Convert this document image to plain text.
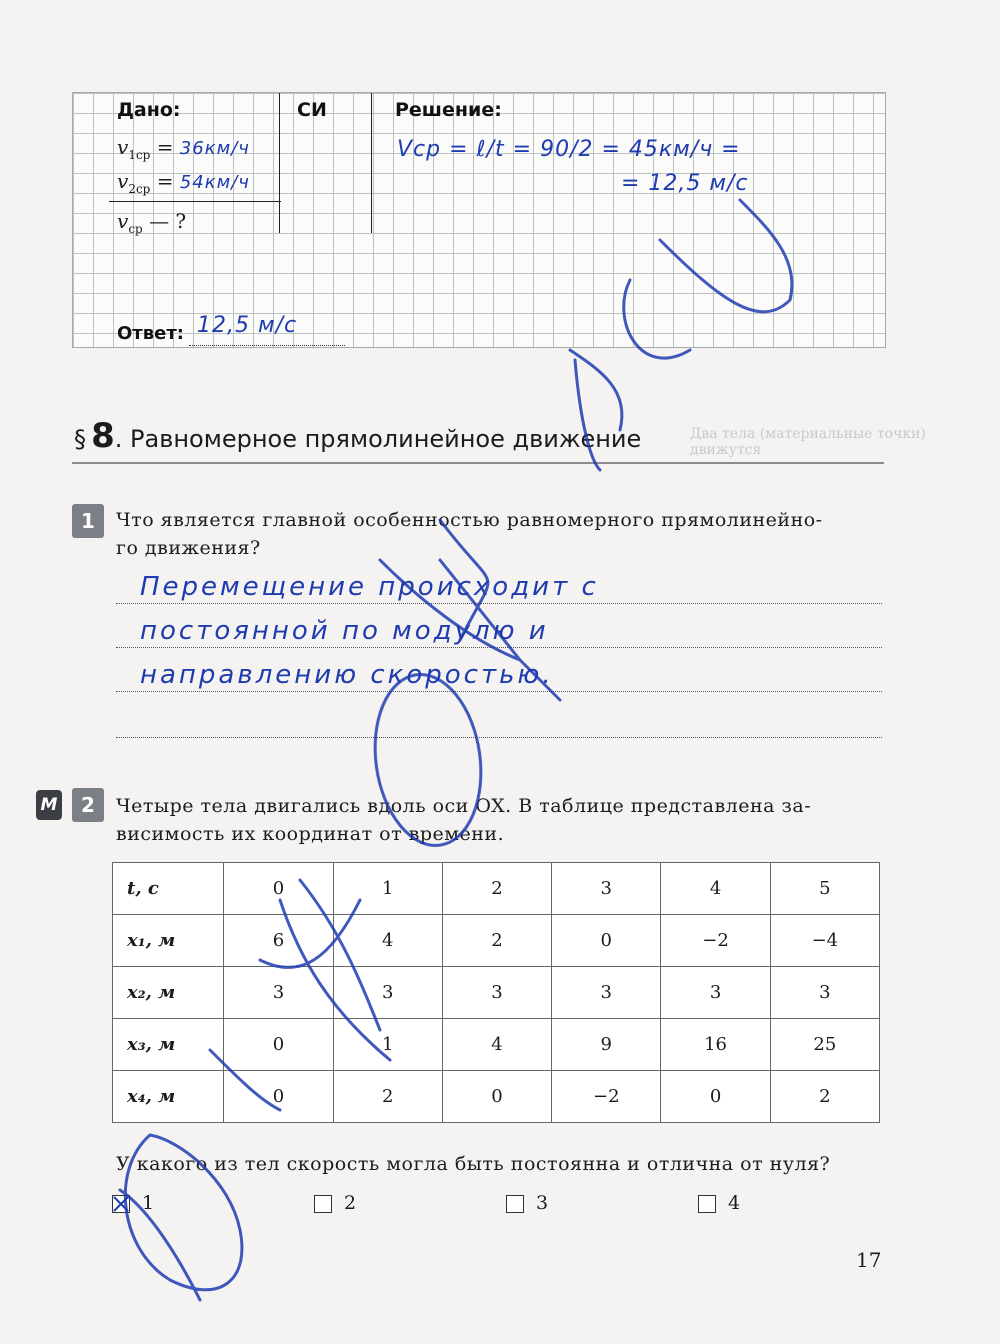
Два тела (материальные точки) движутся
Дано:	СИ	Решение:
$v_{1ср} = 36км/ч$
$v_{2ср} = 54км/ч$
$v_{ср}$ — ?
Vср = ℓ/t = 90/2 = 45км/ч =
= 12,5 м/с
Ответ: 12,5 м/с
§ 8. Равномерное прямолинейное движение
1	Что является главной особенностью равномерного прямолинейно-
го движения?
Перемещение происходит с
постоянной по модулю и
направлению скоростью.
М	2	Четыре тела двигались вдоль оси OX. В таблице представлена за-
висимость их координат от времени.
t, с	0	1	2	3	4	5
x₁, м	6	4	2	0	−2	−4
x₂, м	3	3	3	3	3	3
x₃, м	0	1	4	9	16	25
x₄, м	0	2	0	−2	0	2
У какого из тел скорость могла быть постоянна и отлична от нуля?
1	2	3	4
17
